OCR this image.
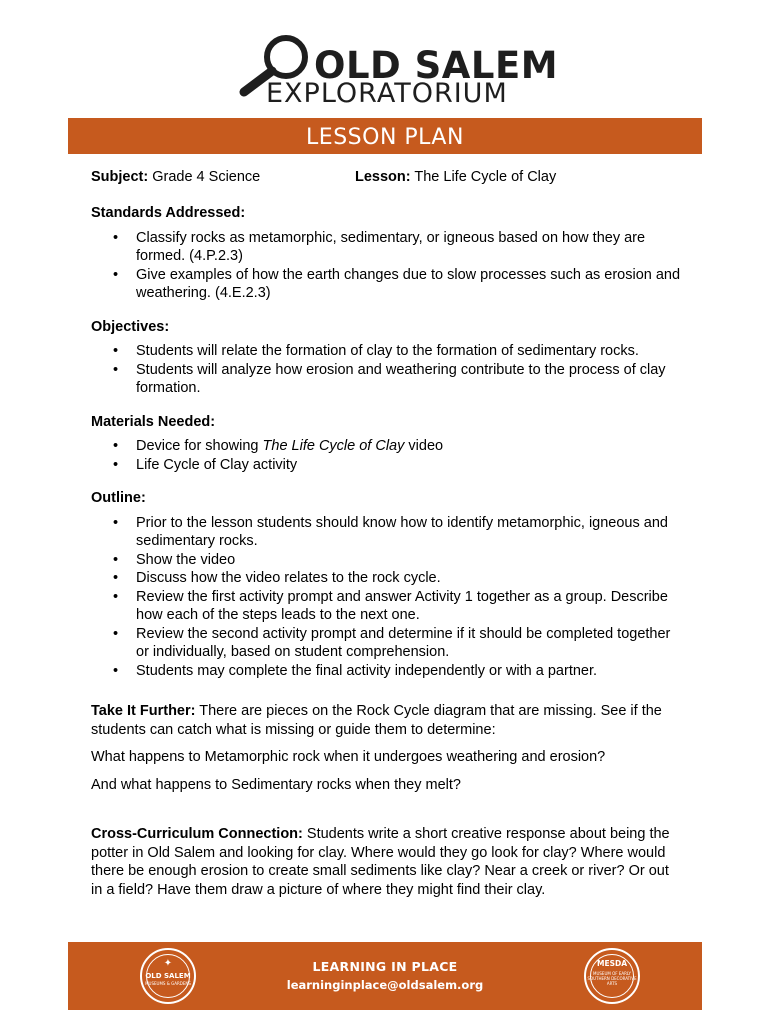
OLD SALEM
EXPLORATORIUM
LESSON PLAN
Subject: Grade 4 Science	Lesson: The Life Cycle of Clay
Standards Addressed:
• Classify rocks as metamorphic, sedimentary, or igneous based on how they are formed. (4.P.2.3)
• Give examples of how the earth changes due to slow processes such as erosion and weathering. (4.E.2.3)
Objectives:
• Students will relate the formation of clay to the formation of sedimentary rocks.
• Students will analyze how erosion and weathering contribute to the process of clay formation.
Materials Needed:
• Device for showing The Life Cycle of Clay video
• Life Cycle of Clay activity
Outline:
• Prior to the lesson students should know how to identify metamorphic, igneous and sedimentary rocks.
• Show the video
• Discuss how the video relates to the rock cycle.
• Review the first activity prompt and answer Activity 1 together as a group. Describe how each of the steps leads to the next one.
• Review the second activity prompt and determine if it should be completed together or individually, based on student comprehension.
• Students may complete the final activity independently or with a partner.
Take It Further: There are pieces on the Rock Cycle diagram that are missing. See if the students can catch what is missing or guide them to determine:
What happens to Metamorphic rock when it undergoes weathering and erosion?
And what happens to Sedimentary rocks when they melt?
Cross-Curriculum Connection: Students write a short creative response about being the potter in Old Salem and looking for clay. Where would they go look for clay? Where would there be enough erosion to create small sediments like clay? Near a creek or river? Or out in a field? Have them draw a picture of where they might find their clay.
✦
OLD SALEM
MUSEUMS & GARDENS
LEARNING IN PLACE
learninginplace@oldsalem.org
MESDA
MUSEUM OF EARLY SOUTHERN DECORATIVE ARTS
